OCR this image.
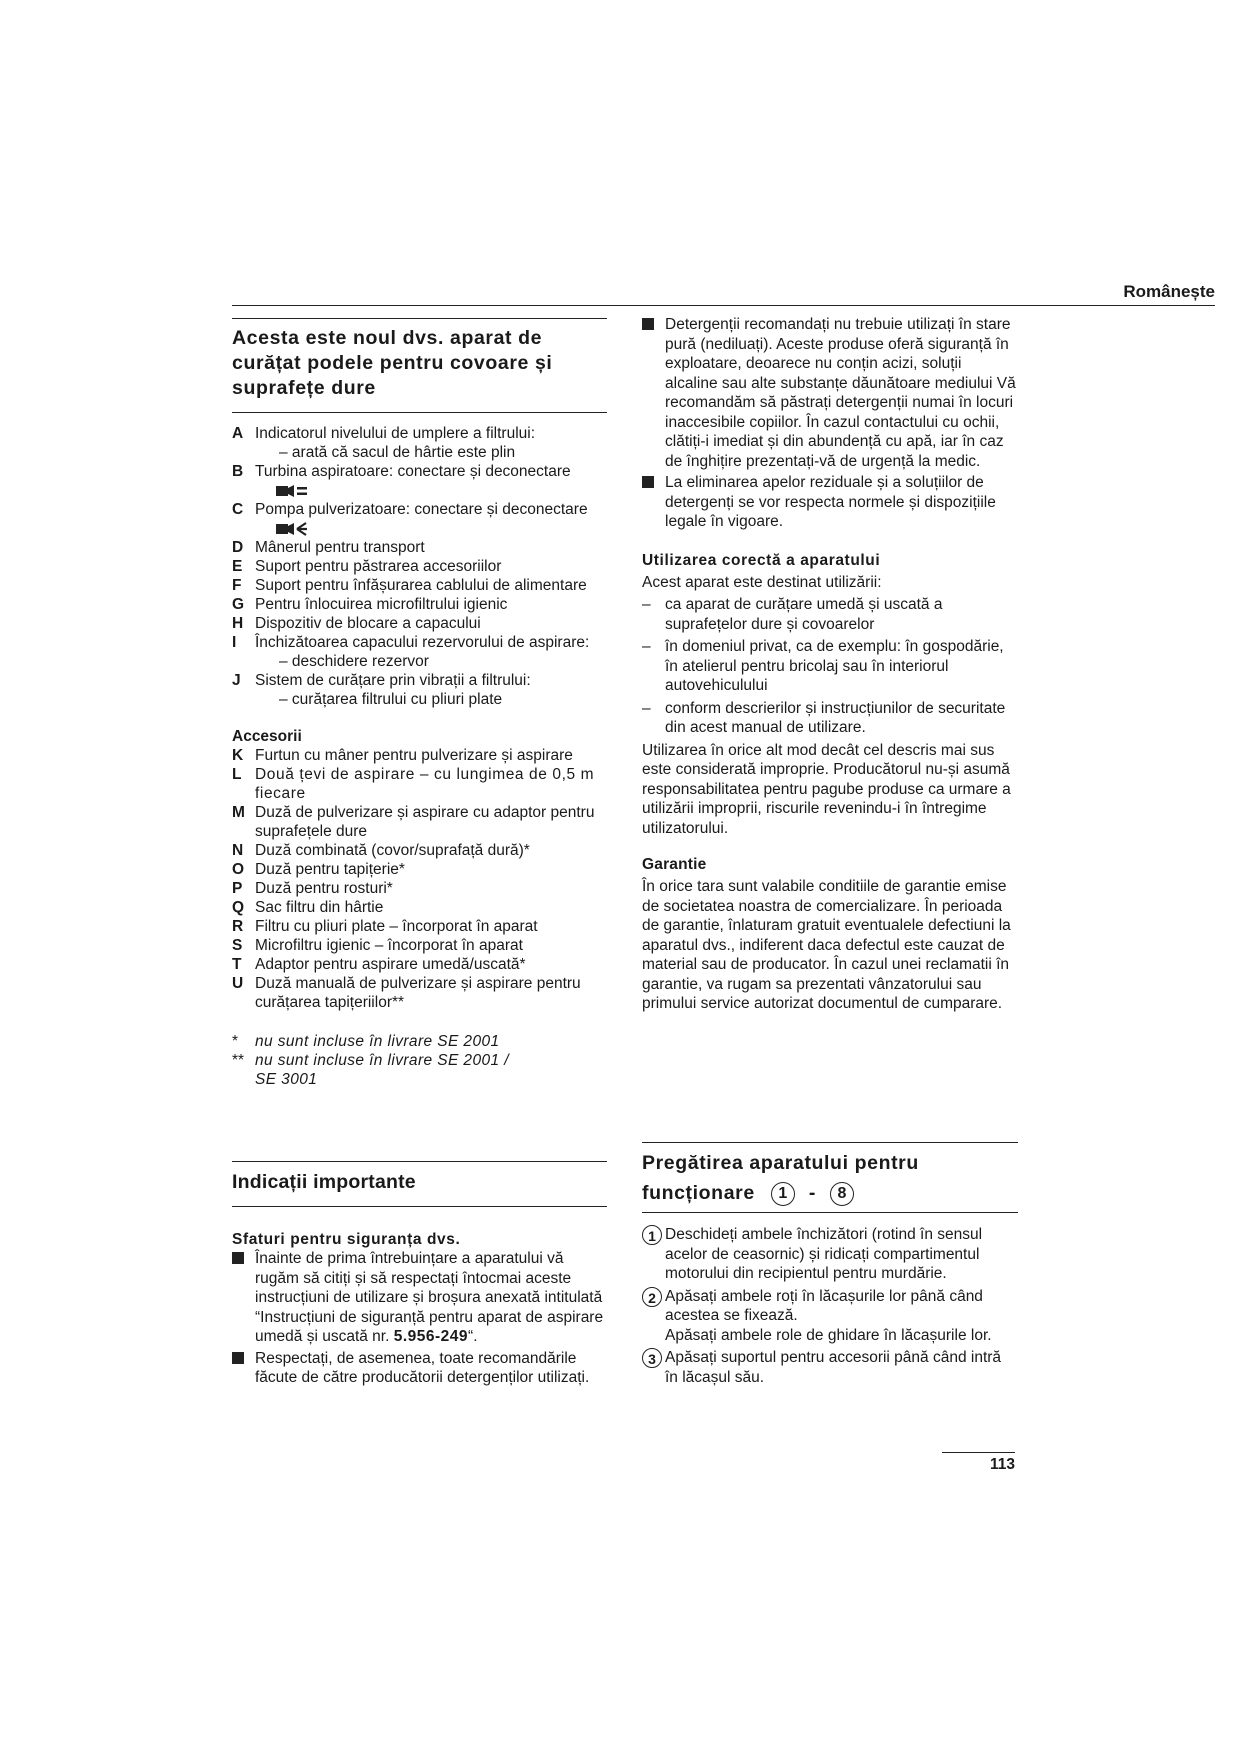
Românește
Acesta este noul dvs. aparat de curățat podele pentru covoare și suprafețe dure
A Indicatorul nivelului de umplere a filtrului:
– arată că sacul de hârtie este plin
B Turbina aspiratoare: conectare și deconectare
C Pompa pulverizatoare: conectare și deconectare
D Mânerul pentru transport
E Suport pentru păstrarea accesoriilor
F Suport pentru înfășurarea cablului de alimentare
G Pentru înlocuirea microfiltrului igienic
H Dispozitiv de blocare a capacului
I	Închizătoarea capacului rezervorului de aspirare:
– deschidere rezervor
J Sistem de curățare prin vibrații a filtrului:
– curățarea filtrului cu pliuri plate
Accesorii
K Furtun cu mâner pentru pulverizare și aspirare
L Două țevi de aspirare – cu lungimea de 0,5 m fiecare
M Duză de pulverizare și aspirare cu adaptor pentru suprafețele dure
N Duză combinată (covor/suprafață dură)*
O Duză pentru tapițerie*
P Duză pentru rosturi*
Q Sac filtru din hârtie
R Filtru cu pliuri plate – încorporat în aparat
S Microfiltru igienic – încorporat în aparat
T Adaptor pentru aspirare umedă/uscată*
U Duză manuală de pulverizare și aspirare pentru curățarea tapițeriilor**
*	nu sunt incluse în livrare SE 2001
** nu sunt incluse în livrare SE 2001 / SE 3001
Indicații importante
Sfaturi pentru siguranța dvs.
Înainte de prima întrebuințare a aparatului vă rugăm să citiți și să respectați întocmai aceste instrucțiuni de utilizare și broșura anexată intitulată “Instrucțiuni de siguranță pentru aparat de aspirare umedă și uscată nr. 5.956-249“.
Respectați, de asemenea, toate recomandările făcute de către producătorii detergenților utilizați.
Detergenții recomandați nu trebuie utilizați în stare pură (nediluați). Aceste produse oferă siguranță în exploatare, deoarece nu conțin acizi, soluții alcaline sau alte substanțe dăunătoare mediului Vă recomandăm să păstrați detergenții numai în locuri inaccesibile copiilor. În cazul contactului cu ochii, clătiți-i imediat și din abundență cu apă, iar în caz de înghițire prezentați-vă de urgență la medic.
La eliminarea apelor reziduale și a soluțiilor de detergenți se vor respecta normele și dispozițiile legale în vigoare.
Utilizarea corectă a aparatului
Acest aparat este destinat utilizării:
– ca aparat de curățare umedă și uscată a suprafețelor dure și covoarelor
– în domeniul privat, ca de exemplu: în gospodărie, în atelierul pentru bricolaj sau în interiorul autovehiculului
– conform descrierilor și instrucțiunilor de securitate din acest manual de utilizare.
Utilizarea în orice alt mod decât cel descris mai sus este considerată improprie. Producătorul nu-și asumă responsabilitatea pentru pagube produse ca urmare a utilizării improprii, riscurile revenindu-i în întregime utilizatorului.
Garantie
În orice tara sunt valabile conditiile de garantie emise de societatea noastra de comercializare. În perioada de garantie, înlaturam gratuit eventualele defectiuni la aparatul dvs., indiferent daca defectul este cauzat de material sau de producator. În cazul unei reclamatii în garantie, va rugam sa prezentati vânzatorului sau primului service autorizat documentul de cumparare.
Pregătirea aparatului pentru
funcționare 1 - 8
1 Deschideți ambele închizători (rotind în sensul acelor de ceasornic) și ridicați compartimentul motorului din recipientul pentru murdărie.
2 Apăsați ambele roți în lăcașurile lor până când acestea se fixează.
Apăsați ambele role de ghidare în lăcașurile lor.
3 Apăsați suportul pentru accesorii până când intră în lăcașul său.
113
